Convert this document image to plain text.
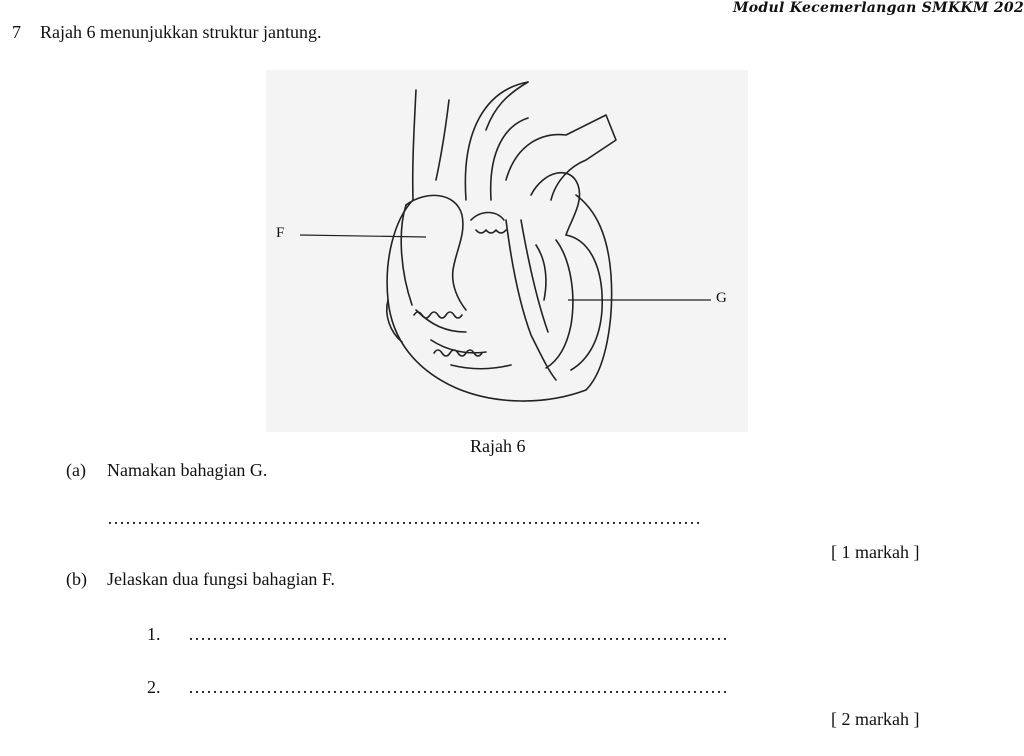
Modul Kecemerlangan SMKKM 202
7 Rajah 6 menunjukkan struktur jantung.
F
G
Rajah 6
(a) Namakan bahagian G.
………………………………………………………………………………………
[ 1 markah ]
(b) Jelaskan dua fungsi bahagian F.
1. ………………………………………………………………………………
2. ………………………………………………………………………………
[ 2 markah ]
